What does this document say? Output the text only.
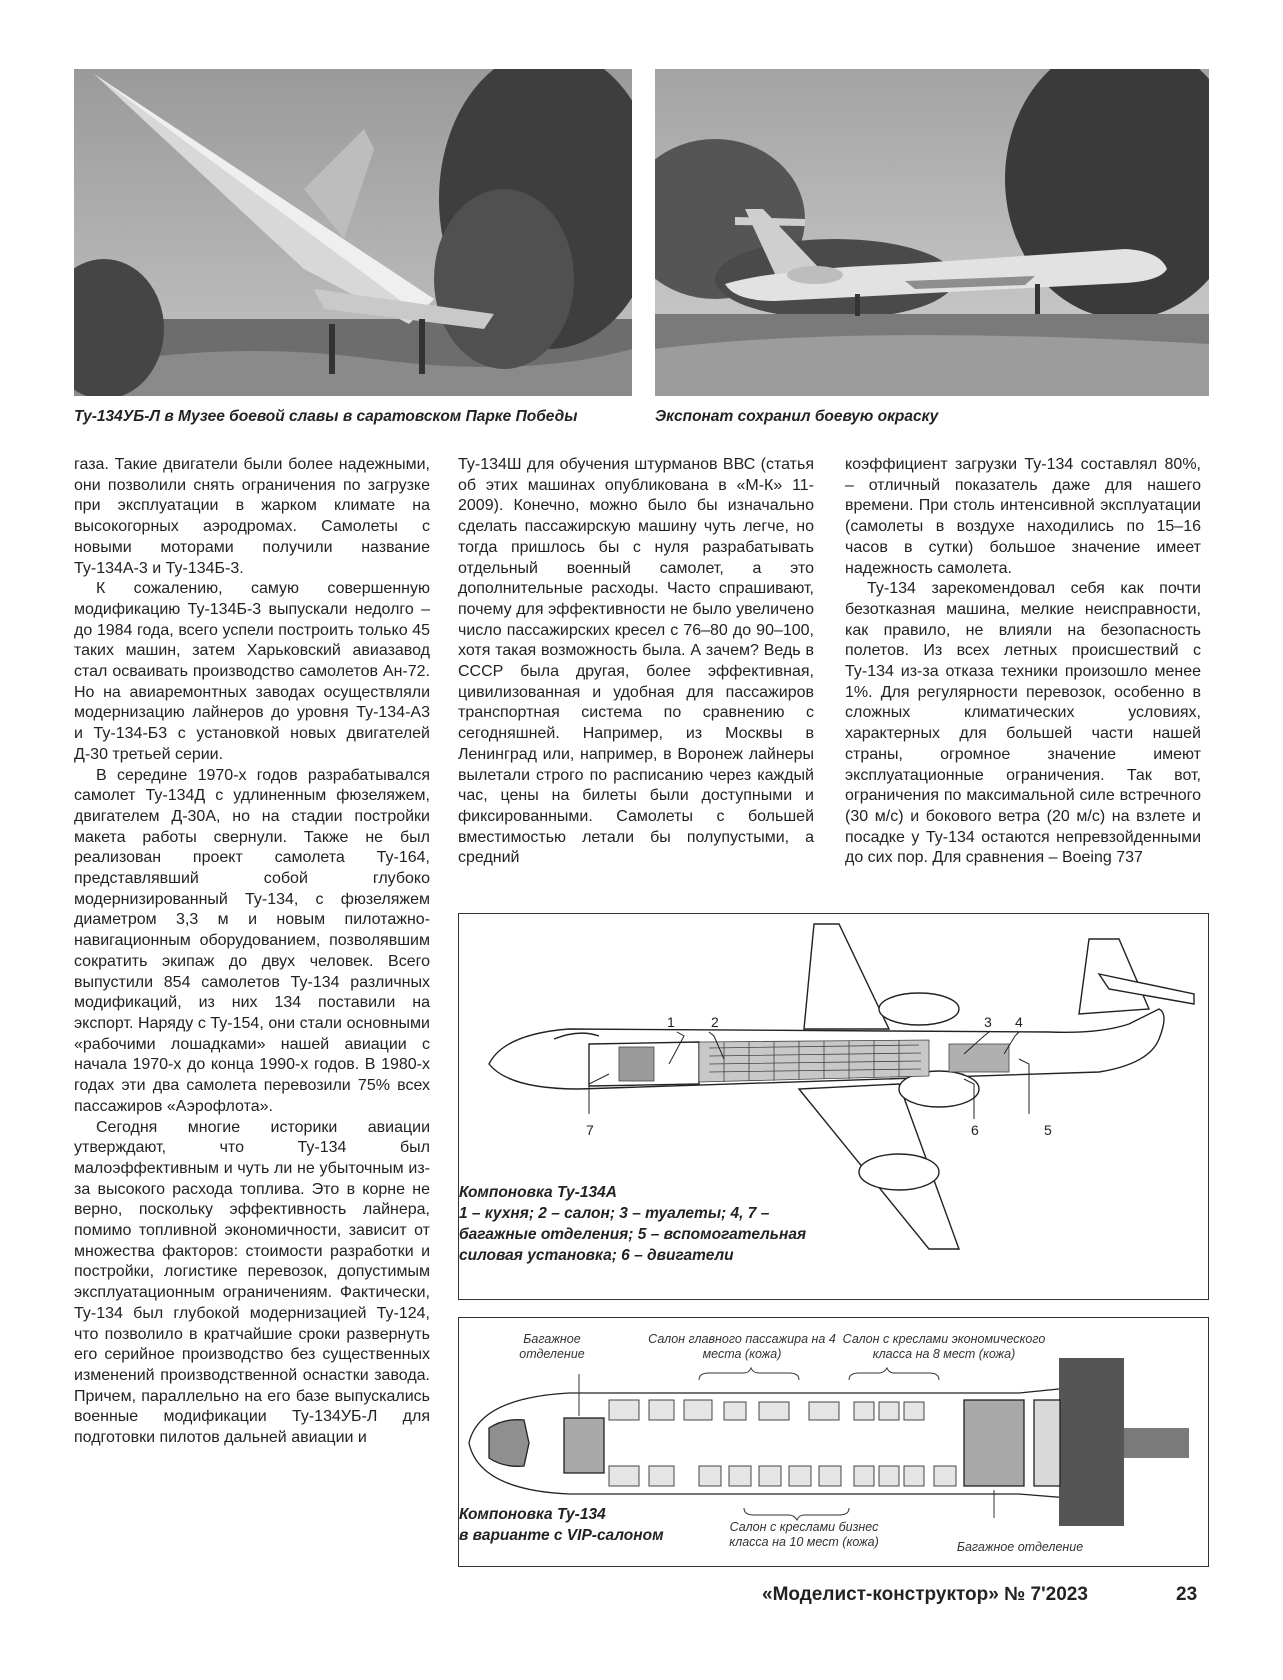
Ту-134УБ-Л в Музее боевой славы в саратовском Парке Победы	Экспонат сохранил боевую окраску

газа. Такие двигатели были более надежными, они позволили снять ограничения по загрузке при эксплуатации в жарком климате на высокогорных аэродромах. Самолеты с новыми моторами получили название Ту-134А-3 и Ту-134Б-3.

К сожалению, самую совершенную модификацию Ту-134Б-3 выпускали недолго – до 1984 года, всего успели построить только 45 таких машин, затем Харьковский авиазавод стал осваивать производство самолетов Ан-72. Но на авиаремонтных заводах осуществляли модернизацию лайнеров до уровня Ту-134-А3 и Ту-134-Б3 с установкой новых двигателей Д-30 третьей серии.

В середине 1970-х годов разрабатывался самолет Ту-134Д с удлиненным фюзеляжем, двигателем Д-30А, но на стадии постройки макета работы свернули. Также не был реализован проект самолета Ту-164, представлявший собой глубоко модернизированный Ту-134, с фюзеляжем диаметром 3,3 м и новым пилотажно-навигационным оборудованием, позволявшим сократить экипаж до двух человек. Всего выпустили 854 самолетов Ту-134 различных модификаций, из них 134 поставили на экспорт. Наряду с Ту-154, они стали основными «рабочими лошадками» нашей авиации с начала 1970-х до конца 1990-х годов. В 1980-х годах эти два самолета перевозили 75% всех пассажиров «Аэрофлота».

Сегодня многие историки авиации утверждают, что Ту-134 был малоэффективным и чуть ли не убыточным из-за высокого расхода топлива. Это в корне не верно, поскольку эффективность лайнера, помимо топливной экономичности, зависит от множества факторов: стоимости разработки и постройки, логистике перевозок, допустимым эксплуатационным ограничениям. Фактически, Ту-134 был глубокой модернизацией Ту-124, что позволило в кратчайшие сроки развернуть его серийное производство без существенных изменений производственной оснастки завода. Причем, параллельно на его базе выпускались военные модификации Ту-134УБ-Л для подготовки пилотов дальней авиации и

Ту-134Ш для обучения штурманов ВВС (статья об этих машинах опубликована в «М-К» 11-2009). Конечно, можно было бы изначально сделать пассажирскую машину чуть легче, но тогда пришлось бы с нуля разрабатывать отдельный военный самолет, а это дополнительные расходы. Часто спрашивают, почему для эффективности не было увеличено число пассажирских кресел с 76–80 до 90–100, хотя такая возможность была. А зачем? Ведь в СССР была другая, более эффективная, цивилизованная и удобная для пассажиров транспортная система по сравнению с сегодняшней. Например, из Москвы в Ленинград или, например, в Воронеж лайнеры вылетали строго по расписанию через каждый час, цены на билеты были доступными и фиксированными. Самолеты с большей вместимостью летали бы полупустыми, а средний

коэффициент загрузки Ту-134 составлял 80%, – отличный показатель даже для нашего времени. При столь интенсивной эксплуатации (самолеты в воздухе находились по 15–16 часов в сутки) большое значение имеет надежность самолета.

Ту-134 зарекомендовал себя как почти безотказная машина, мелкие неисправности, как правило, не влияли на безопасность полетов. Из всех летных происшествий с Ту-134 из-за отказа техники произошло менее 1%. Для регулярности перевозок, особенно в сложных климатических условиях, характерных для большей части нашей страны, огромное значение имеют эксплуатационные ограничения. Так вот, ограничения по максимальной силе встречного (30 м/с) и бокового ветра (20 м/с) на взлете и посадке у Ту-134 остаются непревзойденными до сих пор. Для сравнения – Boeing 737

1	2	3 4
5
6
7
Компоновка Ту-134А
1 – кухня; 2 – салон; 3 – туалеты; 4, 7 – багажные отделения; 5 – вспомогательная силовая установка; 6 – двигатели
Багажное отделение
Салон главного пассажира на 4 места (кожа)
Салон с креслами экономического класса на 8 мест (кожа)
Салон с креслами бизнес класса на 10 мест (кожа)	Багажное отделение
Компоновка Ту-134
в варианте с VIP-салоном
«Моделист-конструктор» № 7'2023	23
